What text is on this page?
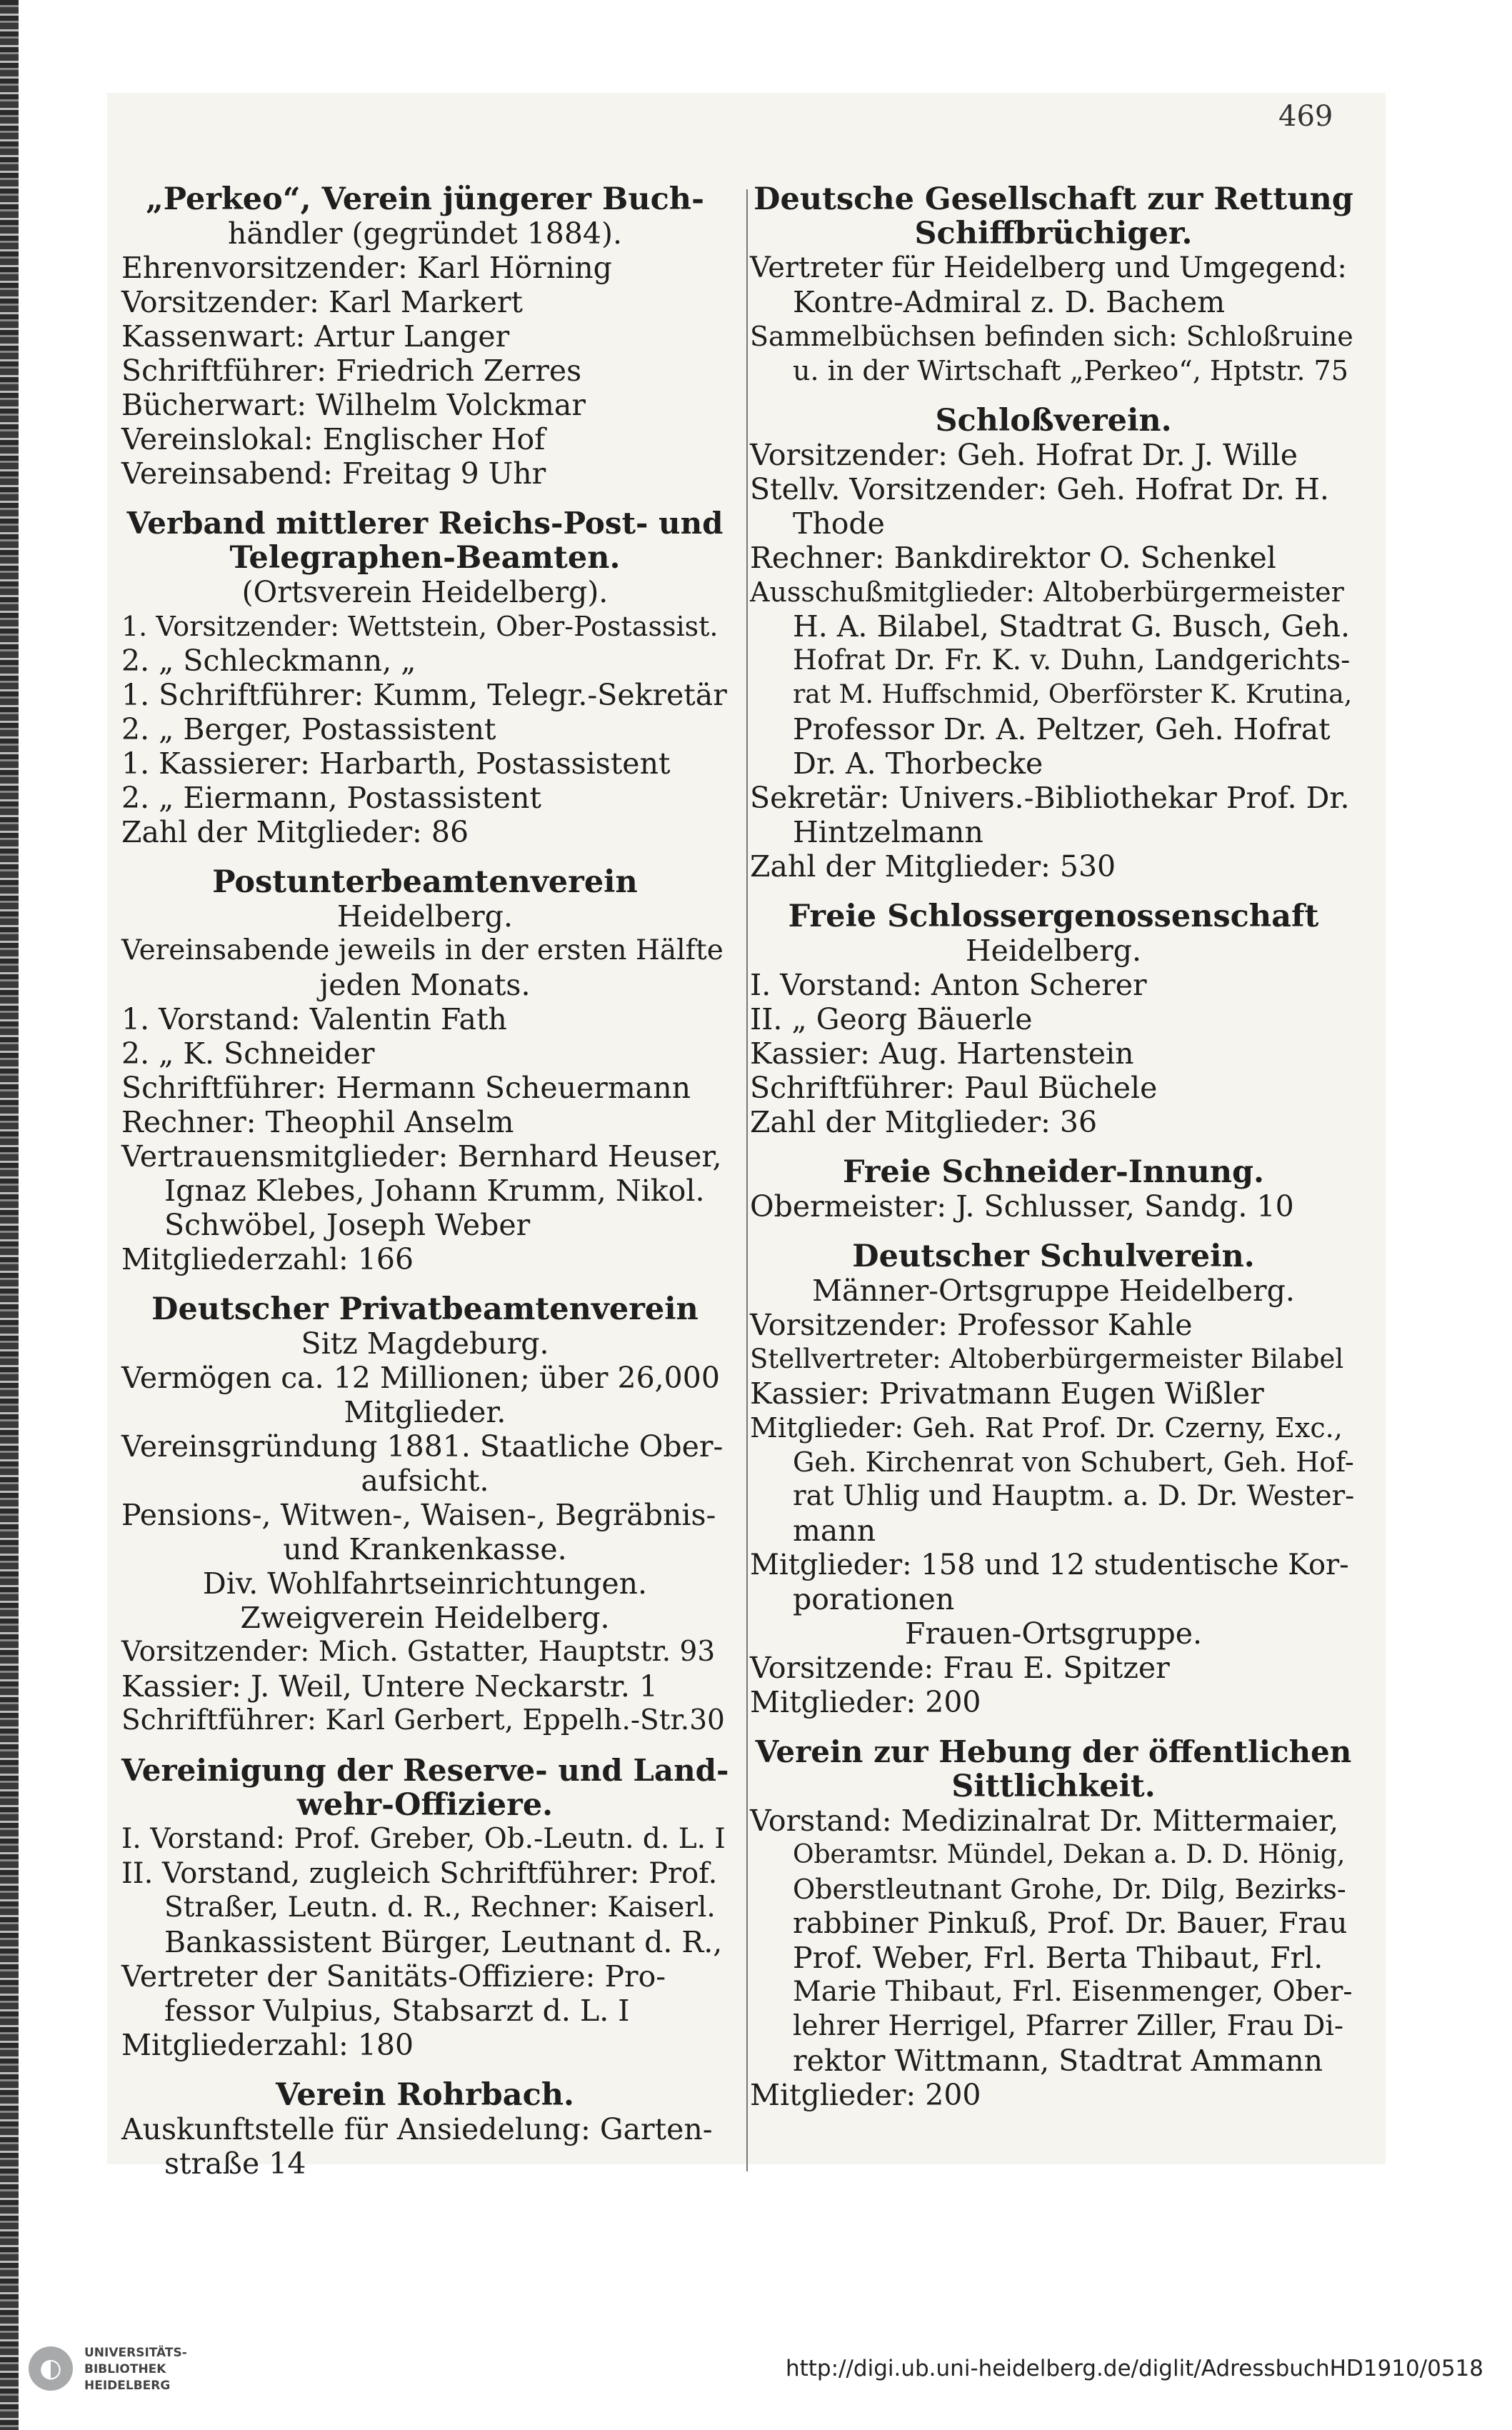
469
„Perkeo“, Verein jüngerer Buch-
händler (gegründet 1884).
Ehrenvorsitzender: Karl Hörning
Vorsitzender: Karl Markert
Kassenwart: Artur Langer
Schriftführer: Friedrich Zerres
Bücherwart: Wilhelm Volckmar
Vereinslokal: Englischer Hof
Vereinsabend: Freitag 9 Uhr
Verband mittlerer Reichs-Post- und
Telegraphen-Beamten.
(Ortsverein Heidelberg).
1. Vorsitzender: Wettstein, Ober-Postassist.
2. „ Schleckmann, „
1. Schriftführer: Kumm, Telegr.-Sekretär
2. „ Berger, Postassistent
1. Kassierer: Harbarth, Postassistent
2. „ Eiermann, Postassistent
Zahl der Mitglieder: 86
Postunterbeamtenverein
Heidelberg.
Vereinsabende jeweils in der ersten Hälfte
jeden Monats.
1. Vorstand: Valentin Fath
2. „ K. Schneider
Schriftführer: Hermann Scheuermann
Rechner: Theophil Anselm
Vertrauensmitglieder: Bernhard Heuser,
Ignaz Klebes, Johann Krumm, Nikol.
Schwöbel, Joseph Weber
Mitgliederzahl: 166
Deutscher Privatbeamtenverein
Sitz Magdeburg.
Vermögen ca. 12 Millionen; über 26,000
Mitglieder.
Vereinsgründung 1881. Staatliche Ober-
aufsicht.
Pensions-, Witwen-, Waisen-, Begräbnis-
und Krankenkasse.
Div. Wohlfahrtseinrichtungen.
Zweigverein Heidelberg.
Vorsitzender: Mich. Gstatter, Hauptstr. 93
Kassier: J. Weil, Untere Neckarstr. 1
Schriftführer: Karl Gerbert, Eppelh.-Str.30
Vereinigung der Reserve- und Land-
wehr-Offiziere.
I. Vorstand: Prof. Greber, Ob.-Leutn. d. L. I
II. Vorstand, zugleich Schriftführer: Prof.
Straßer, Leutn. d. R., Rechner: Kaiserl.
Bankassistent Bürger, Leutnant d. R.,
Vertreter der Sanitäts-Offiziere: Pro-
fessor Vulpius, Stabsarzt d. L. I
Mitgliederzahl: 180
Verein Rohrbach.
Auskunftstelle für Ansiedelung: Garten-
straße 14
Deutsche Gesellschaft zur Rettung
Schiffbrüchiger.
Vertreter für Heidelberg und Umgegend:
Kontre-Admiral z. D. Bachem
Sammelbüchsen befinden sich: Schloßruine
u. in der Wirtschaft „Perkeo“, Hptstr. 75
Schloßverein.
Vorsitzender: Geh. Hofrat Dr. J. Wille
Stellv. Vorsitzender: Geh. Hofrat Dr. H.
Thode
Rechner: Bankdirektor O. Schenkel
Ausschußmitglieder: Altoberbürgermeister
H. A. Bilabel, Stadtrat G. Busch, Geh.
Hofrat Dr. Fr. K. v. Duhn, Landgerichts-
rat M. Huffschmid, Oberförster K. Krutina,
Professor Dr. A. Peltzer, Geh. Hofrat
Dr. A. Thorbecke
Sekretär: Univers.-Bibliothekar Prof. Dr.
Hintzelmann
Zahl der Mitglieder: 530
Freie Schlossergenossenschaft
Heidelberg.
I. Vorstand: Anton Scherer
II. „ Georg Bäuerle
Kassier: Aug. Hartenstein
Schriftführer: Paul Büchele
Zahl der Mitglieder: 36
Freie Schneider-Innung.
Obermeister: J. Schlusser, Sandg. 10
Deutscher Schulverein.
Männer-Ortsgruppe Heidelberg.
Vorsitzender: Professor Kahle
Stellvertreter: Altoberbürgermeister Bilabel
Kassier: Privatmann Eugen Wißler
Mitglieder: Geh. Rat Prof. Dr. Czerny, Exc.,
Geh. Kirchenrat von Schubert, Geh. Hof-
rat Uhlig und Hauptm. a. D. Dr. Wester-
mann
Mitglieder: 158 und 12 studentische Kor-
porationen
Frauen-Ortsgruppe.
Vorsitzende: Frau E. Spitzer
Mitglieder: 200
Verein zur Hebung der öffentlichen
Sittlichkeit.
Vorstand: Medizinalrat Dr. Mittermaier,
Oberamtsr. Mündel, Dekan a. D. D. Hönig,
Oberstleutnant Grohe, Dr. Dilg, Bezirks-
rabbiner Pinkuß, Prof. Dr. Bauer, Frau
Prof. Weber, Frl. Berta Thibaut, Frl.
Marie Thibaut, Frl. Eisenmenger, Ober-
lehrer Herrigel, Pfarrer Ziller, Frau Di-
rektor Wittmann, Stadtrat Ammann
Mitglieder: 200
◐
UNIVERSITÄTS-
BIBLIOTHEK
HEIDELBERG
http://digi.ub.uni-heidelberg.de/diglit/AdressbuchHD1910/0518
